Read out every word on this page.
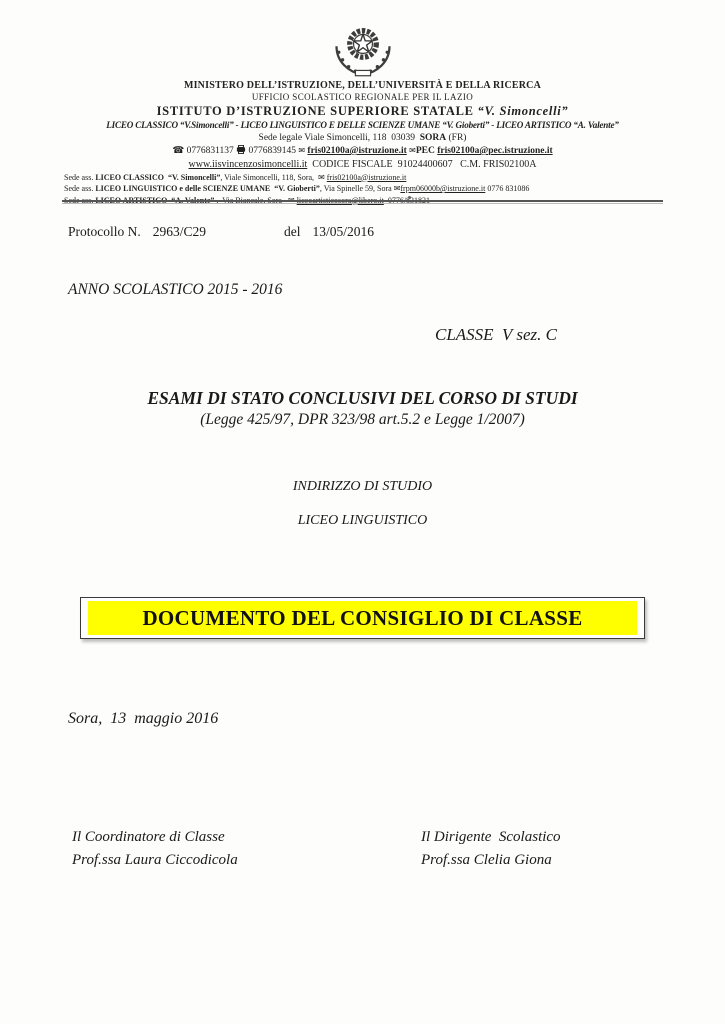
MINISTERO DELL’ISTRUZIONE, DELL’UNIVERSITÀ E DELLA RICERCA
UFFICIO SCOLASTICO REGIONALE PER IL LAZIO
ISTITUTO D’ISTRUZIONE SUPERIORE STATALE “V. Simoncelli”
LICEO CLASSICO “V.Simoncelli” - LICEO LINGUISTICO E DELLE SCIENZE UMANE “V. Gioberti” - LICEO ARTISTICO “A. Valente”
Sede legale Viale Simoncelli, 118  03039  SORA (FR)
☎ 0776831137 0776839145 ✉ fris02100a@istruzione.it ✉PEC fris02100a@pec.istruzione.it
www.iisvincenzosimoncelli.it  CODICE FISCALE  91024400607   C.M. FRIS02100A
Sede ass. LICEO CLASSICO  “V. Simoncelli”, Viale Simoncelli, 118, Sora,  ✉ fris02100a@istruzione.it
Sede ass. LICEO LINGUISTICO e delle SCIENZE UMANE  “V. Gioberti”, Via Spinelle 59, Sora ✉frpm06000b@istruzione.it 0776 831086
Protocollo N. 2963/C29	del 13/05/2016
ANNO SCOLASTICO 2015 - 2016
CLASSE  V sez. C
ESAMI DI STATO CONCLUSIVI DEL CORSO DI STUDI
(Legge 425/97, DPR 323/98 art.5.2 e Legge 1/2007)
INDIRIZZO DI STUDIO
LICEO LINGUISTICO
DOCUMENTO DEL CONSIGLIO DI CLASSE
Sora,  13  maggio 2016
Il Coordinatore di Classe
Prof.ssa Laura Ciccodicola
Il Dirigente  Scolastico
Prof.ssa Clelia Giona
